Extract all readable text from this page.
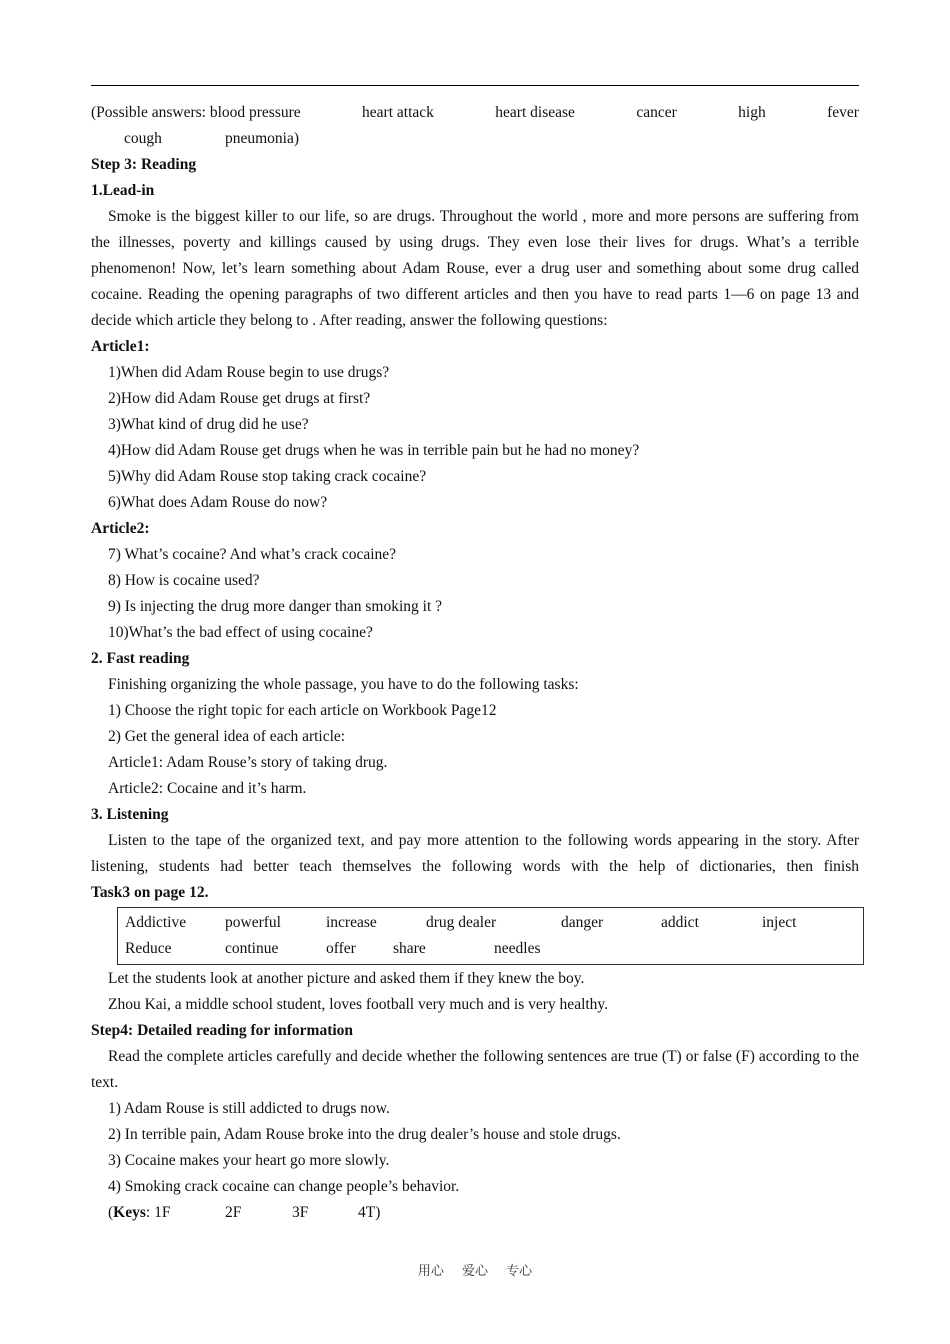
(Possible answers: blood pressure	heart attack	heart disease	cancer	high	fever
cough	pneumonia)
Step 3: Reading
1.Lead-in

Smoke is the biggest killer to our life, so are drugs. Throughout the world , more and more persons are suffering from the illnesses, poverty and killings caused by using drugs. They even lose their lives for drugs. What’s a terrible phenomenon! Now, let’s learn something about Adam Rouse, ever a drug user and something about some drug called cocaine. Reading the opening paragraphs of two different articles and then you have to read parts 1—6 on page 13 and decide which article they belong to . After reading, answer the following questions:

Article1:
1)When did Adam Rouse begin to use drugs?
2)How did Adam Rouse get drugs at first?
3)What kind of drug did he use?
4)How did Adam Rouse get drugs when he was in terrible pain but he had no money?
5)Why did Adam Rouse stop taking crack cocaine?
6)What does Adam Rouse do now?
Article2:
7) What’s cocaine? And what’s crack cocaine?
8) How is cocaine used?
9) Is injecting the drug more danger than smoking it ?
10)What’s the bad effect of using cocaine?
2. Fast reading
Finishing organizing the whole passage, you have to do the following tasks:
1) Choose the right topic for each article on Workbook Page12
2) Get the general idea of each article:
Article1: Adam Rouse’s story of taking drug.
Article2: Cocaine and it’s harm.
3. Listening

Listen to the tape of the organized text, and pay more attention to the following words appearing in the story. After listening, students had better teach themselves the following words with the help of dictionaries, then finish

Task3 on page 12.
Addictive	powerful	increase	drug dealer	danger	addict	inject
Reduce	continue	offer share	needles
Let the students look at another picture and asked them if they knew the boy.
Zhou Kai, a middle school student, loves football very much and is very healthy.
Step4: Detailed reading for information

Read the complete articles carefully and decide whether the following sentences are true (T) or false (F) according to the text.

1) Adam Rouse is still addicted to drugs now.
2) In terrible pain, Adam Rouse broke into the drug dealer’s house and stole drugs.
3) Cocaine makes your heart go more slowly.
4) Smoking crack cocaine can change people’s behavior.
(Keys: 1F	2F	3F	4T)
用心 爱心 专心
